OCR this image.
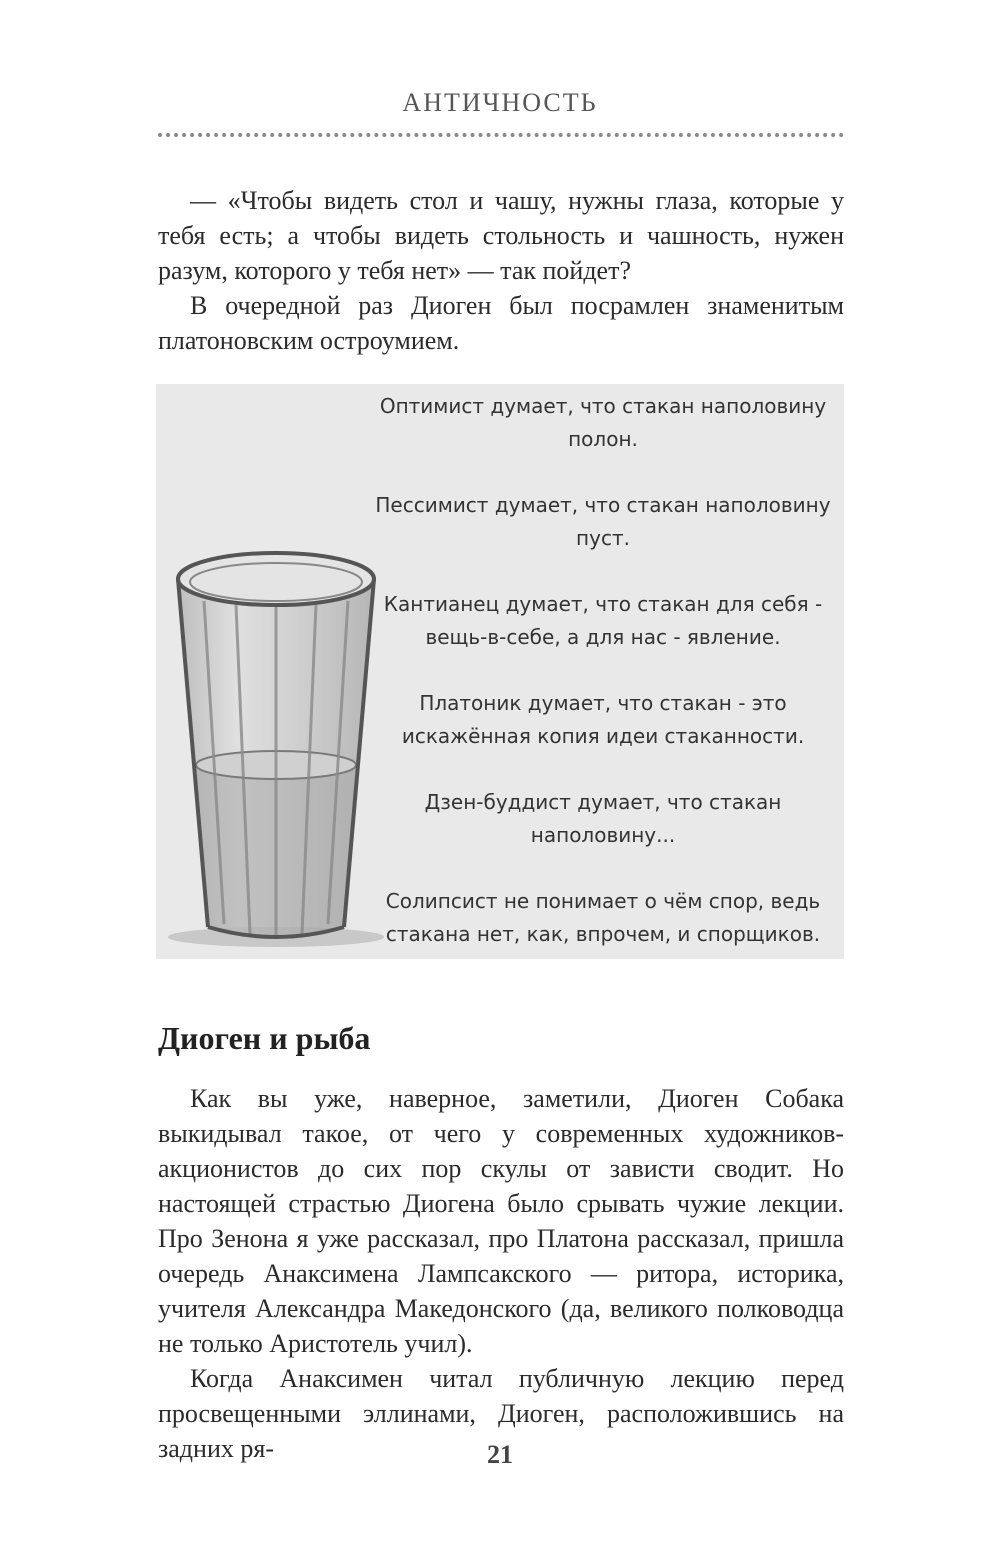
АНТИЧНОСТЬ

— «Чтобы видеть стол и чашу, нужны глаза, которые у тебя есть; а чтобы видеть стольность и чашность, нужен разум, которого у тебя нет» — так пойдет?

В очередной раз Диоген был посрамлен знаменитым платоновским остроумием.

Оптимист думает, что стакан наполовину полон.

Пессимист думает, что стакан наполовину пуст.

Кантианец думает, что стакан для себя - вещь-в-себе, а для нас - явление.

Платоник думает, что стакан - это искажённая копия идеи стаканности.

Дзен-буддист думает, что стакан наполовину...

Солипсист не понимает о чём спор, ведь стакана нет, как, впрочем, и спорщиков.

Диоген и рыба

Как вы уже, наверное, заметили, Диоген Собака выкидывал такое, от чего у современных художников-акционистов до сих пор скулы от зависти сводит. Но настоящей страстью Диогена было срывать чужие лекции. Про Зенона я уже рассказал, про Платона рассказал, пришла очередь Анаксимена Лампсакского — ритора, историка, учителя Александра Македонского (да, великого полководца не только Аристотель учил).

Когда Анаксимен читал публичную лекцию перед просвещенными эллинами, Диоген, расположившись на задних ря-	21
